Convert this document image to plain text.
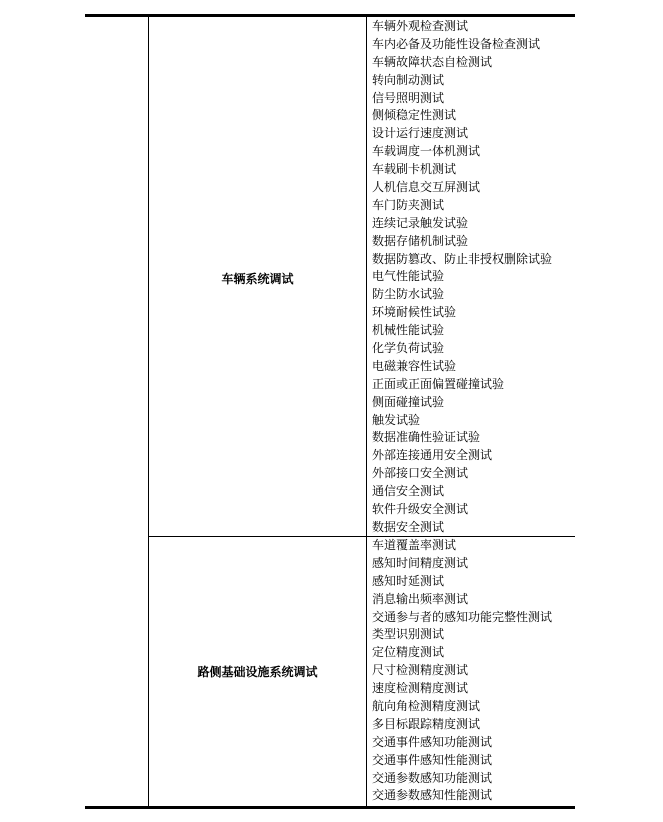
车辆系统调试
车辆外观检查测试
车内必备及功能性设备检查测试
车辆故障状态自检测试
转向制动测试
信号照明测试
侧倾稳定性测试
设计运行速度测试
车载调度一体机测试
车载刷卡机测试
人机信息交互屏测试
车门防夹测试
连续记录触发试验
数据存储机制试验
数据防篡改、防止非授权删除试验
电气性能试验
防尘防水试验
环境耐候性试验
机械性能试验
化学负荷试验
电磁兼容性试验
正面或正面偏置碰撞试验
侧面碰撞试验
触发试验
数据准确性验证试验
外部连接通用安全测试
外部接口安全测试
通信安全测试
软件升级安全测试
数据安全测试
路侧基础设施系统调试
车道覆盖率测试
感知时间精度测试
感知时延测试
消息输出频率测试
交通参与者的感知功能完整性测试
类型识别测试
定位精度测试
尺寸检测精度测试
速度检测精度测试
航向角检测精度测试
多目标跟踪精度测试
交通事件感知功能测试
交通事件感知性能测试
交通参数感知功能测试
交通参数感知性能测试
